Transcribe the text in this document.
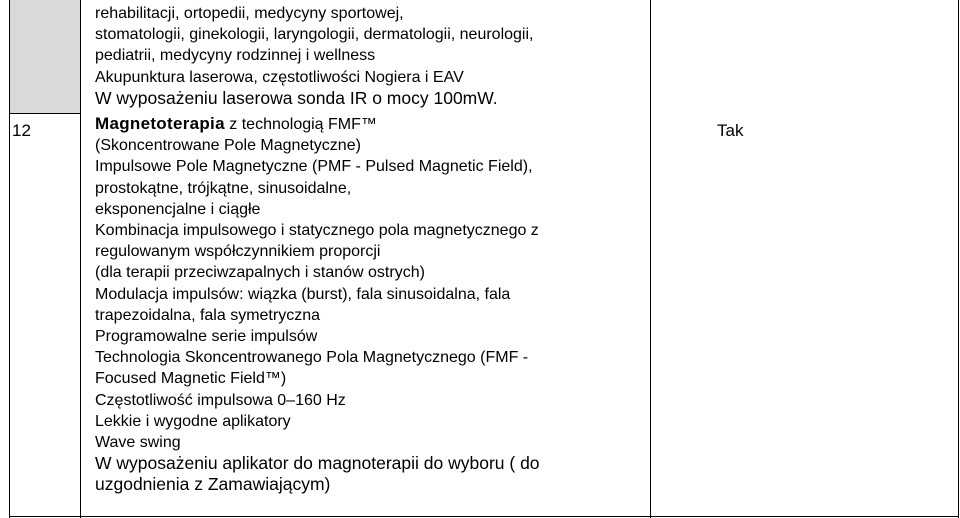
12
rehabilitacji, ortopedii, medycyny sportowej,
stomatologii, ginekologii, laryngologii, dermatologii, neurologii,
pediatrii, medycyny rodzinnej i wellness
Akupunktura laserowa, częstotliwości Nogiera i EAV
W wyposażeniu laserowa sonda IR o mocy 100mW.
Magnetoterapia z technologią FMF™
(Skoncentrowane Pole Magnetyczne)
Impulsowe Pole Magnetyczne (PMF - Pulsed Magnetic Field),
prostokątne, trójkątne, sinusoidalne,
eksponencjalne i ciągłe
Kombinacja impulsowego i statycznego pola magnetycznego z
regulowanym współczynnikiem proporcji
(dla terapii przeciwzapalnych i stanów ostrych)
Modulacja impulsów: wiązka (burst), fala sinusoidalna, fala
trapezoidalna, fala symetryczna
Programowalne serie impulsów
Technologia Skoncentrowanego Pola Magnetycznego (FMF -
Focused Magnetic Field™)
Częstotliwość impulsowa 0–160 Hz
Lekkie i wygodne aplikatory
Wave swing
W wyposażeniu aplikator do magnoterapii do wyboru ( do
uzgodnienia z Zamawiającym)
Tak
